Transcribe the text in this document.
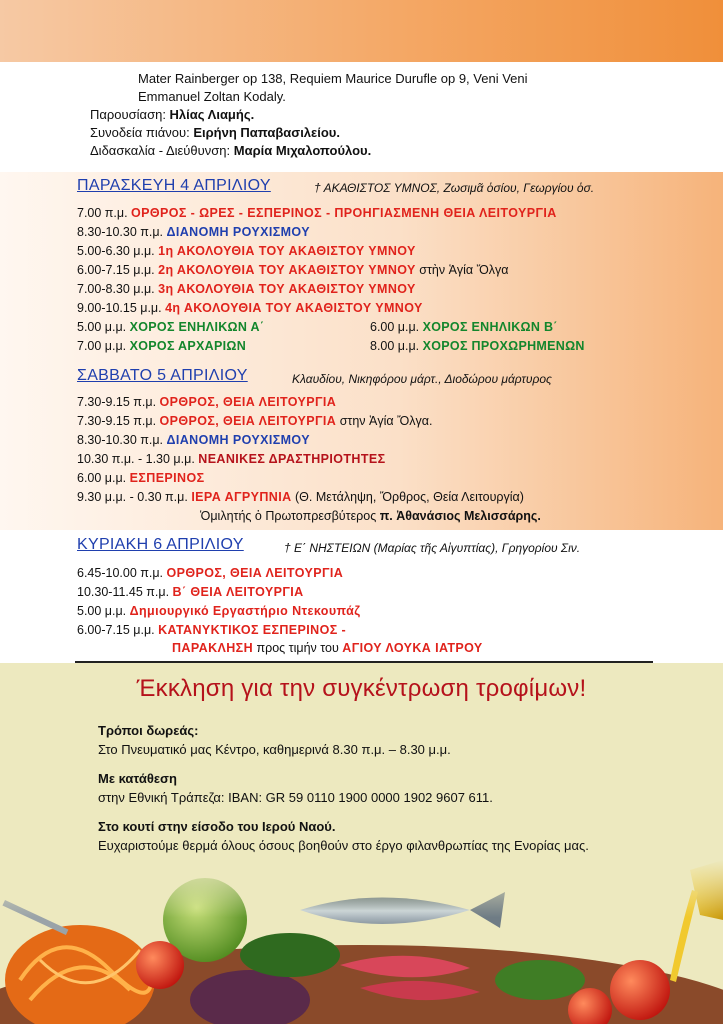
Mater Rainberger op 138, Requiem Maurice Durufle op 9, Veni Veni
Emmanuel Zoltan Kodaly.
Παρουσίαση: Ηλίας Λιαμής.
Συνοδεία πιάνου: Ειρήνη Παπαβασιλείου.
Διδασκαλία - Διεύθυνση: Μαρία Μιχαλοπούλου.
ΠΑΡΑΣΚΕΥΗ 4 ΑΠΡΙΛΙΟΥ	† ΑΚΑΘΙΣΤΟΣ ΥΜΝΟΣ, Ζωσιμᾶ ὁσίου, Γεωργίου ὁσ.
7.00 π.μ. ΟΡΘΡΟΣ - ΩΡΕΣ - ΕΣΠΕΡΙΝΟΣ - ΠΡΟΗΓΙΑΣΜΕΝΗ ΘΕΙΑ ΛΕΙΤΟΥΡΓΙΑ
8.30-10.30 π.μ. ΔΙΑΝΟΜΗ ΡΟΥΧΙΣΜΟΥ
5.00-6.30 μ.μ. 1η ΑΚΟΛΟΥΘΙΑ ΤΟΥ ΑΚΑΘΙΣΤΟΥ ΥΜΝΟΥ
6.00-7.15 μ.μ. 2η ΑΚΟΛΟΥΘΙΑ ΤΟΥ ΑΚΑΘΙΣΤΟΥ ΥΜΝΟΥ στὴν Ἁγία Ὄλγα
7.00-8.30 μ.μ. 3η ΑΚΟΛΟΥΘΙΑ ΤΟΥ ΑΚΑΘΙΣΤΟΥ ΥΜΝΟΥ
9.00-10.15 μ.μ. 4η ΑΚΟΛΟΥΘΙΑ ΤΟΥ ΑΚΑΘΙΣΤΟΥ ΥΜΝΟΥ
5.00 μ.μ. ΧΟΡΟΣ ΕΝΗΛΙΚΩΝ Α΄	6.00 μ.μ. ΧΟΡΟΣ ΕΝΗΛΙΚΩΝ Β΄
7.00 μ.μ. ΧΟΡΟΣ ΑΡΧΑΡΙΩΝ	8.00 μ.μ. ΧΟΡΟΣ ΠΡΟΧΩΡΗΜΕΝΩΝ
ΣΑΒΒΑΤΟ 5 ΑΠΡΙΛΙΟΥ	Κλαυδίου, Νικηφόρου μάρτ., Διοδώρου μάρτυρος
7.30-9.15 π.μ. ΟΡΘΡΟΣ, ΘΕΙΑ ΛΕΙΤΟΥΡΓΙΑ
7.30-9.15 π.μ. ΟΡΘΡΟΣ, ΘΕΙΑ ΛΕΙΤΟΥΡΓΙΑ στην Ἁγία Ὄλγα.
8.30-10.30 π.μ. ΔΙΑΝΟΜΗ ΡΟΥΧΙΣΜΟΥ
10.30 π.μ. - 1.30 μ.μ. ΝΕΑΝΙΚΕΣ ΔΡΑΣΤΗΡΙΟΤΗΤΕΣ
6.00 μ.μ. ΕΣΠΕΡΙΝΟΣ
9.30 μ.μ. - 0.30 π.μ. ΙΕΡΑ ΑΓΡΥΠΝΙΑ (Θ. Μετάληψη, Ὄρθρος, Θεία Λειτουργία)
Ὁμιλητής ὁ Πρωτοπρεσβύτερος π. Ἀθανάσιος Μελισσάρης.
ΚΥΡΙΑΚΗ 6 ΑΠΡΙΛΙΟΥ	† Ε΄ ΝΗΣΤΕΙΩΝ (Μαρίας τῆς Αἰγυπτίας), Γρηγορίου Σιν.
6.45-10.00 π.μ. ΟΡΘΡΟΣ, ΘΕΙΑ ΛΕΙΤΟΥΡΓΙΑ
10.30-11.45 π.μ. Β΄ ΘΕΙΑ ΛΕΙΤΟΥΡΓΙΑ
5.00 μ.μ. Δημιουργικό Εργαστήριο Ντεκουπάζ
6.00-7.15 μ.μ. ΚΑΤΑΝΥΚΤΙΚΟΣ ΕΣΠΕΡΙΝΟΣ -
ΠΑΡΑΚΛΗΣΗ προς τιμήν του ΑΓΙΟΥ ΛΟΥΚΑ ΙΑΤΡΟΥ
Έκκληση για την συγκέντρωση τροφίμων!
Τρόποι δωρεάς:
Στο Πνευματικό μας Κέντρο, καθημερινά 8.30 π.μ. – 8.30 μ.μ.
Με κατάθεση
στην Εθνική Τράπεζα: IBAN: GR 59 0110 1900 0000 1902 9607 611.
Στο κουτί στην είσοδο του Ιερού Ναού.
Ευχαριστούμε θερμά όλους όσους βοηθούν στο έργο φιλανθρωπίας της Ενορίας μας.
